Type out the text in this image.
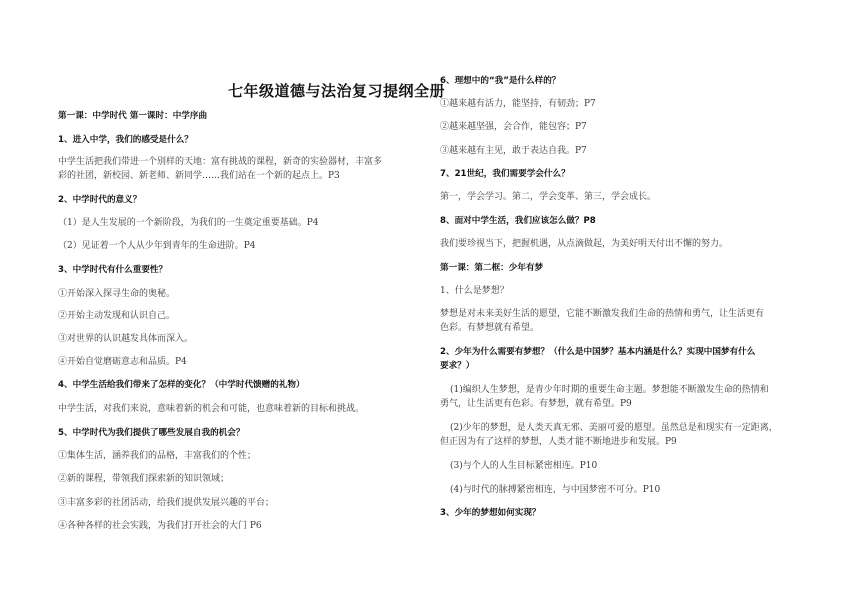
七年级道德与法治复习提纲全册
第一课：中学时代 第一课时：中学序曲
1、进入中学，我们的感受是什么？
中学生活把我们带进一个别样的天地：富有挑战的课程，新奇的实验器材，丰富多
彩的社团，新校园、新老师、新同学……我们站在一个新的起点上。P3
2、中学时代的意义？
（1）是人生发展的一个新阶段，为我们的一生奠定重要基础。P4
（2）见证着一个人从少年到青年的生命进阶。P4
3、中学时代有什么重要性？
①开始深入探寻生命的奥秘。
②开始主动发现和认识自己。
③对世界的认识越发具体而深入。
④开始自觉磨砺意志和品质。P4
4、中学生活给我们带来了怎样的变化？（中学时代馈赠的礼物）
中学生活，对我们来说，意味着新的机会和可能，也意味着新的目标和挑战。
5、中学时代为我们提供了哪些发展自我的机会？
①集体生活，涵养我们的品格，丰富我们的个性；
②新的课程，带领我们探索新的知识领域；
③丰富多彩的社团活动，给我们提供发展兴趣的平台；
④各种各样的社会实践，为我们打开社会的大门 P6
6、理想中的“我”是什么样的？
①越来越有活力，能坚持，有韧劲；P7
②越来越坚强，会合作，能包容；P7
③越来越有主见，敢于表达自我。P7
7、21世纪，我们需要学会什么？
第一，学会学习。第二，学会变革、第三，学会成长。
8、面对中学生活，我们应该怎么做？P8
我们要珍视当下，把握机遇，从点滴做起，为美好明天付出不懈的努力。
第一课：第二框：少年有梦
1、什么是梦想？
梦想是对未来美好生活的愿望，它能不断激发我们生命的热情和勇气，让生活更有
色彩。有梦想就有希望。
2、少年为什么需要有梦想？（什么是中国梦？基本内涵是什么？实现中国梦有什么
要求？）
(1)编织人生梦想，是青少年时期的重要生命主题。梦想能不断激发生命的热情和
勇气，让生活更有色彩。有梦想，就有希望。P9
(2)少年的梦想，是人类天真无邪、美丽可爱的愿望。虽然总是和现实有一定距离，
但正因为有了这样的梦想，人类才能不断地进步和发展。P9
(3)与个人的人生目标紧密相连。P10
(4)与时代的脉搏紧密相连，与中国梦密不可分。P10
3、少年的梦想如何实现？
